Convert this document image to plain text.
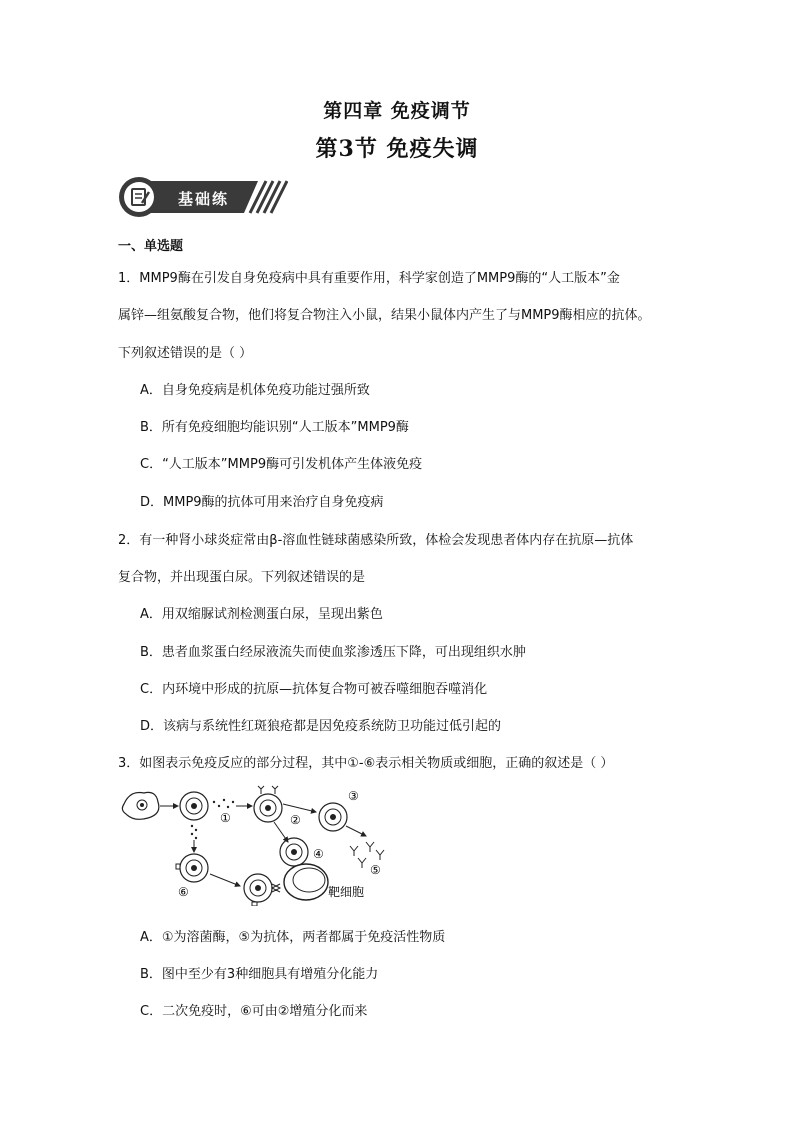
第四章 免疫调节
第3节 免疫失调
基础练
一、单选题
1．MMP9酶在引发自身免疫病中具有重要作用，科学家创造了MMP9酶的“人工版本”金
属锌—组氨酸复合物，他们将复合物注入小鼠，结果小鼠体内产生了与MMP9酶相应的抗体。
下列叙述错误的是（ ）
A．自身免疫病是机体免疫功能过强所致
B．所有免疫细胞均能识别“人工版本”MMP9酶
C．“人工版本”MMP9酶可引发机体产生体液免疫
D．MMP9酶的抗体可用来治疗自身免疫病
2．有一种肾小球炎症常由β-溶血性链球菌感染所致，体检会发现患者体内存在抗原—抗体
复合物，并出现蛋白尿。下列叙述错误的是
A．用双缩脲试剂检测蛋白尿，呈现出紫色
B．患者血浆蛋白经尿液流失而使血浆渗透压下降，可出现组织水肿
C．内环境中形成的抗原—抗体复合物可被吞噬细胞吞噬消化
D．该病与系统性红斑狼疮都是因免疫系统防卫功能过低引起的
3．如图表示免疫反应的部分过程，其中①-⑥表示相关物质或细胞，正确的叙述是（ ）
①	②
③
⑤
④
⑥	靶细胞
A．①为溶菌酶，⑤为抗体，两者都属于免疫活性物质
B．图中至少有3种细胞具有增殖分化能力
C．二次免疫时，⑥可由②增殖分化而来
